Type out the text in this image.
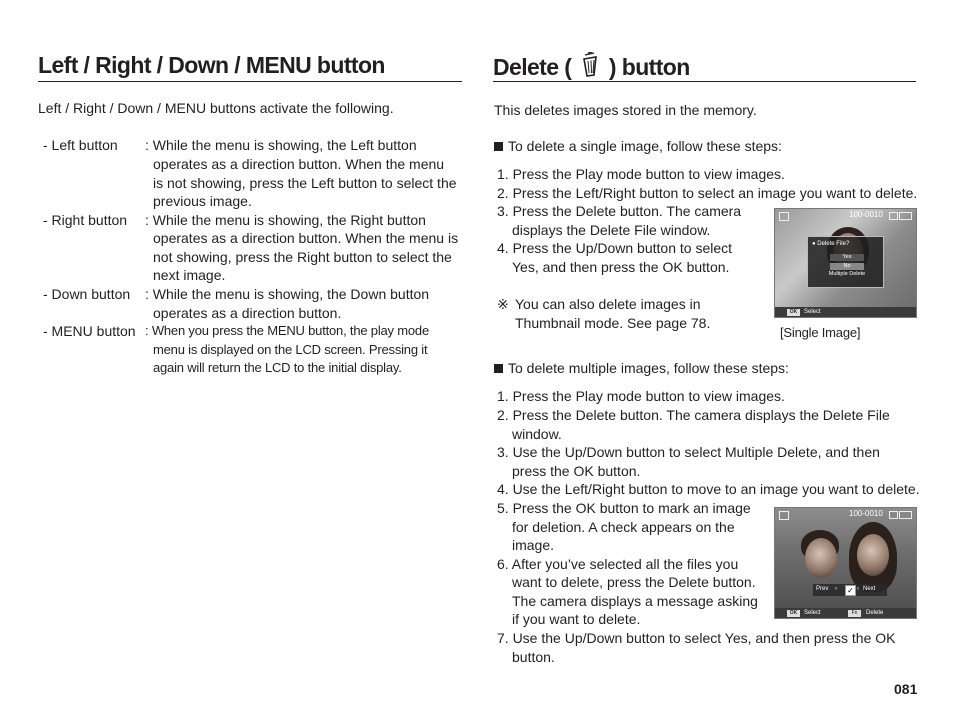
Left / Right / Down / MENU button
Left / Right / Down / MENU buttons activate the following.
- Left button : While the menu is showing, the Left button
operates as a direction button. When the menu
is not showing, press the Left button to select the
previous image.
- Right button : While the menu is showing, the Right button
operates as a direction button. When the menu is
not showing, press the Right button to select the
next image.
- Down button : While the menu is showing, the Down button
operates as a direction button.
- MENU button : When you press the MENU button, the play mode
menu is displayed on the LCD screen. Pressing it
again will return the LCD to the initial display.
Delete ( ) button
This deletes images stored in the memory.
To delete a single image, follow these steps:
1. Press the Play mode button to view images.
2. Press the Left/Right button to select an image you want to delete.
3. Press the Delete button. The camera
displays the Delete File window.
4. Press the Up/Down button to select
Yes, and then press the OK button.
※ You can also delete images in
Thumbnail mode. See page 78.
100-0010
● Delete File?
Yes
No
Multiple Delete
OK	Select
[Single Image]
To delete multiple images, follow these steps:
1. Press the Play mode button to view images.
2. Press the Delete button. The camera displays the Delete File
window.
3. Use the Up/Down button to select Multiple Delete, and then
press the OK button.
4. Use the Left/Right button to move to an image you want to delete.
5. Press the OK button to mark an image
for deletion. A check appears on the
image.
6. After you’ve selected all the files you
want to delete, press the Delete button.
The camera displays a message asking
if you want to delete.
7. Use the Up/Down button to select Yes, and then press the OK
button.
100-0010
Prev ‹ ✓ › Next
OK	Select	Fn	Delete
081
